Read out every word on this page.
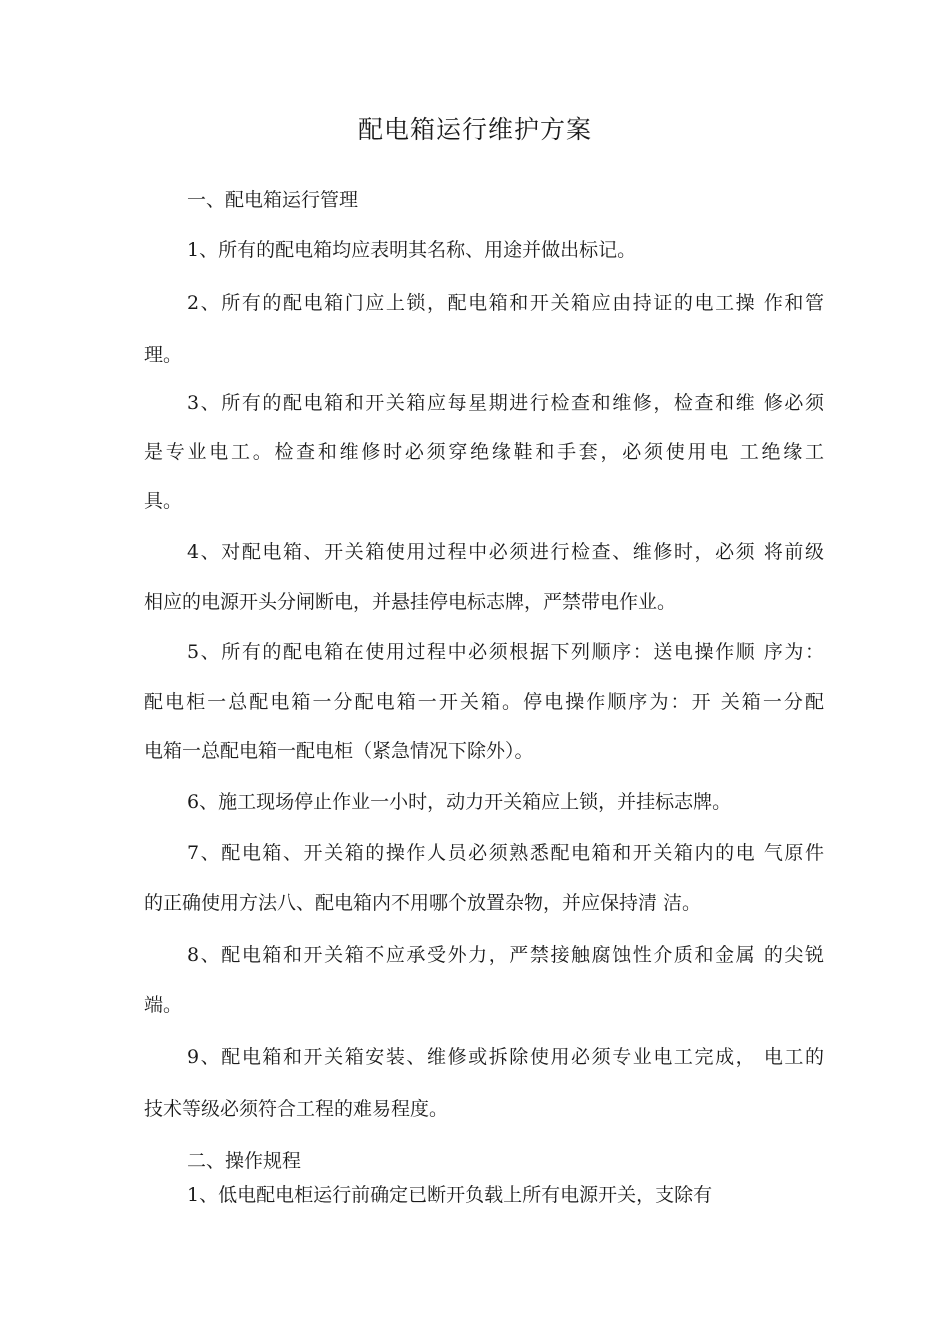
配电箱运行维护方案
一、配电箱运行管理
1、所有的配电箱均应表明其名称、用途并做出标记。
2、所有的配电箱门应上锁，配电箱和开关箱应由持证的电工操 作和管
理。
3、所有的配电箱和开关箱应每星期进行检查和维修，检查和维 修必须
是专业电工。检查和维修时必须穿绝缘鞋和手套，必须使用电 工绝缘工
具。
4、对配电箱、开关箱使用过程中必须进行检查、维修时，必须 将前级
相应的电源开头分闸断电，并悬挂停电标志牌，严禁带电作业。
5、所有的配电箱在使用过程中必须根据下列顺序：送电操作顺 序为：
配电柜一总配电箱一分配电箱一开关箱。停电操作顺序为：开 关箱一分配
电箱一总配电箱一配电柜（紧急情况下除外）。
6、施工现场停止作业一小时，动力开关箱应上锁，并挂标志牌。
7、配电箱、开关箱的操作人员必须熟悉配电箱和开关箱内的电 气原件
的正确使用方法八、配电箱内不用哪个放置杂物，并应保持清 洁。
8、配电箱和开关箱不应承受外力，严禁接触腐蚀性介质和金属 的尖锐
端。
9、配电箱和开关箱安装、维修或拆除使用必须专业电工完成， 电工的
技术等级必须符合工程的难易程度。
二、操作规程
1、低电配电柜运行前确定已断开负载上所有电源开关，支除有
